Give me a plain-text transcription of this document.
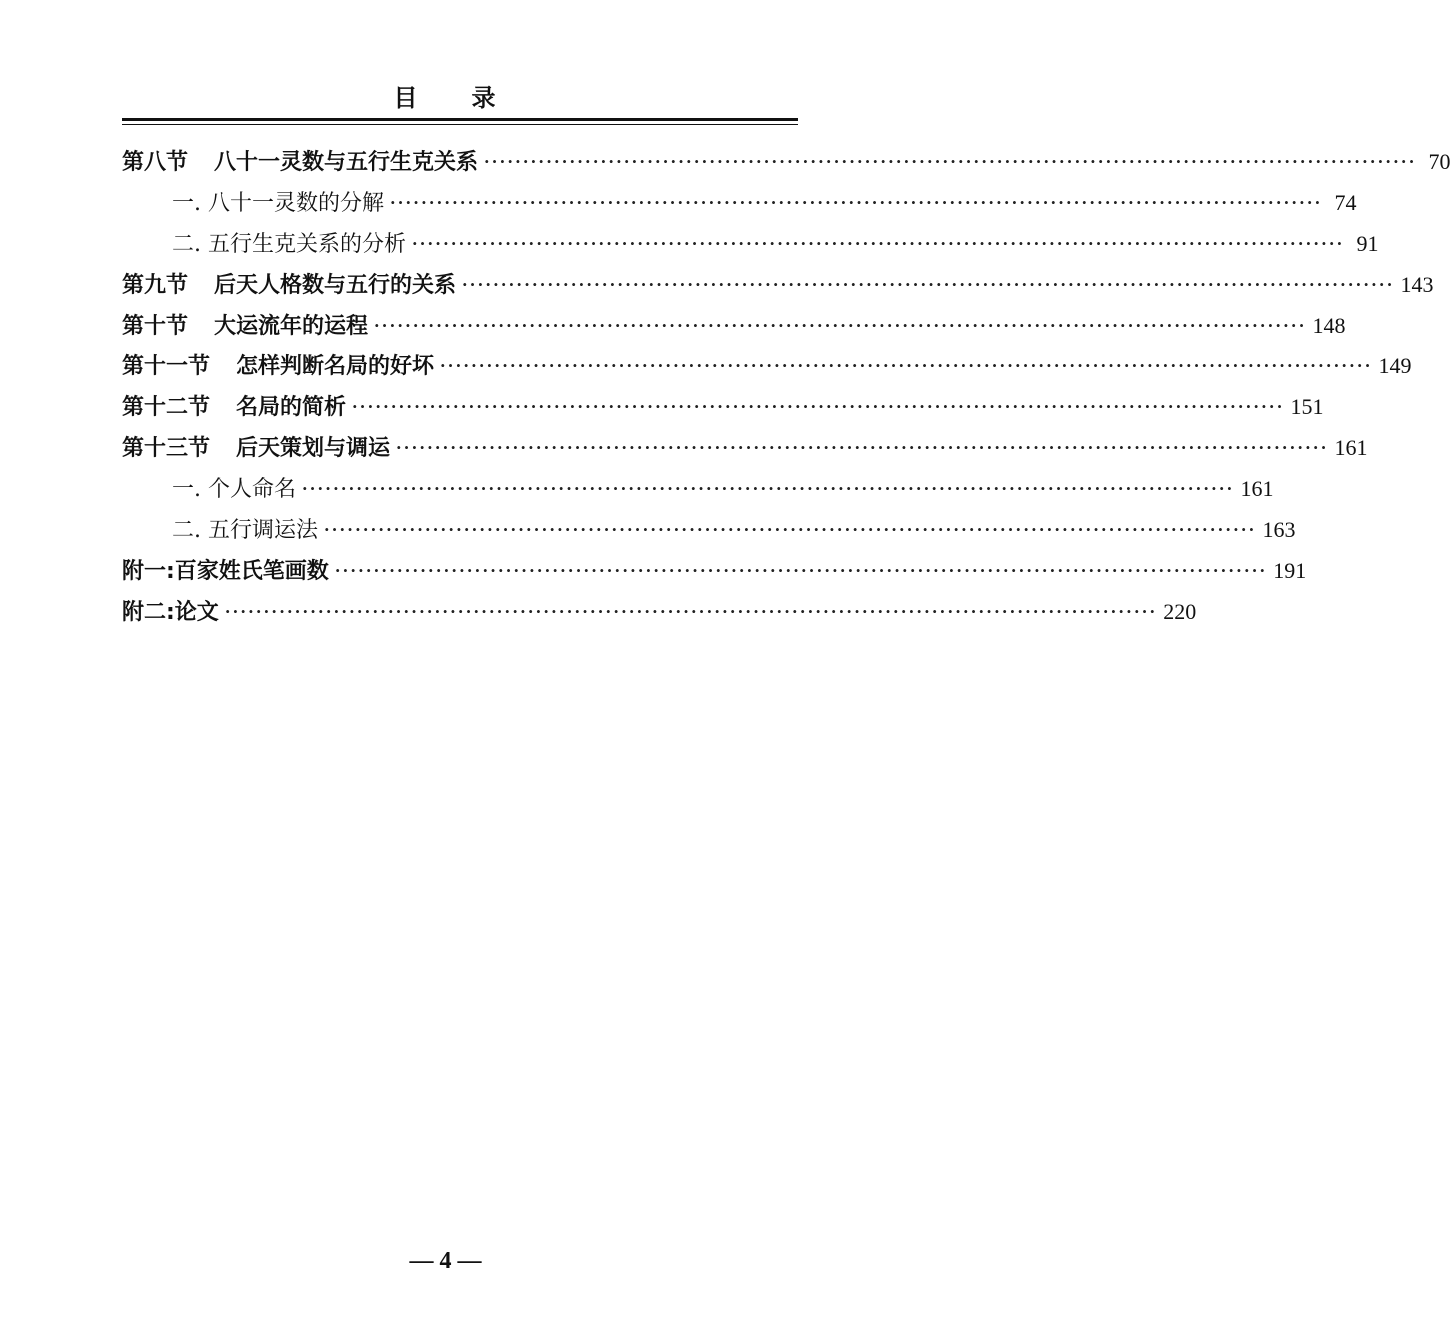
目 录
第八节 八十一灵数与五行生克关系 ························································································································ 70
一. 八十一灵数的分解 ························································································································ 74
二. 五行生克关系的分析 ························································································································ 91
第九节 后天人格数与五行的关系 ························································································································ 143
第十节 大运流年的运程 ························································································································ 148
第十一节 怎样判断名局的好坏 ························································································································ 149
第十二节 名局的简析 ························································································································ 151
第十三节 后天策划与调运 ························································································································ 161
一. 个人命名 ························································································································ 161
二. 五行调运法 ························································································································ 163
附一:百家姓氏笔画数 ························································································································ 191
附二:论文 ························································································································ 220
— 4 —
